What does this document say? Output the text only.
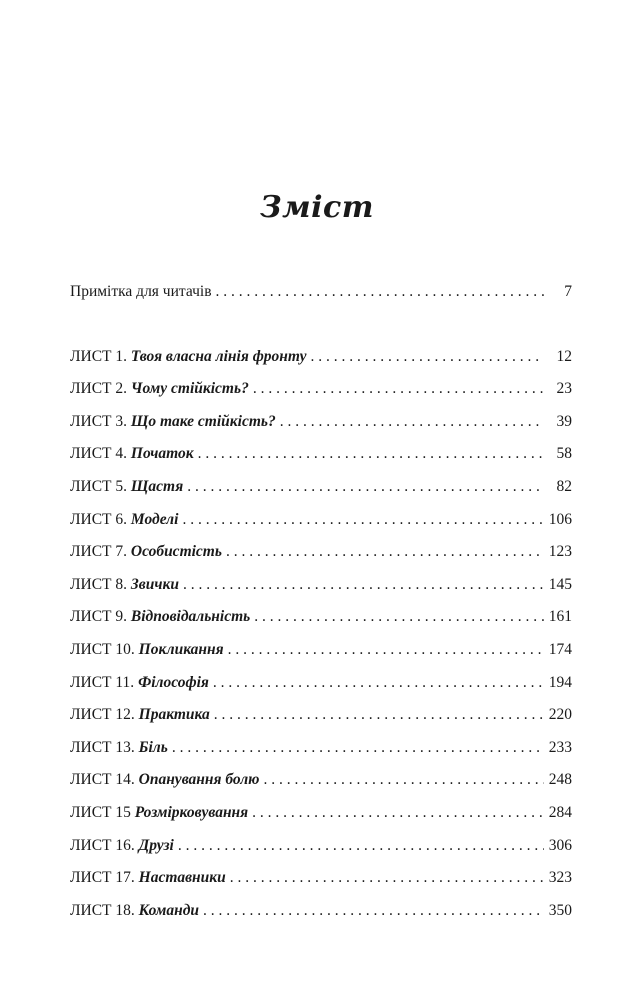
Зміст
Примітка для читачів . . .	7
ЛИСТ 1. Твоя власна лінія фронту . . .	12
ЛИСТ 2. Чому стійкість? . . .	23
ЛИСТ 3. Що таке стійкість? . . .	39
ЛИСТ 4. Початок . . .	58
ЛИСТ 5. Щастя . . .	82
ЛИСТ 6. Моделі . . .	106
ЛИСТ 7. Особистість . . .	123
ЛИСТ 8. Звички . . .	145
ЛИСТ 9. Відповідальність . . .	161
ЛИСТ 10. Покликання . . .	174
ЛИСТ 11. Філософія . . .	194
ЛИСТ 12. Практика . . .	220
ЛИСТ 13. Біль . . .	233
ЛИСТ 14. Опанування болю . . .	248
ЛИСТ 15 Розмірковування . . .	284
ЛИСТ 16. Друзі . . .	306
ЛИСТ 17. Наставники . . .	323
ЛИСТ 18. Команди . . .	350
